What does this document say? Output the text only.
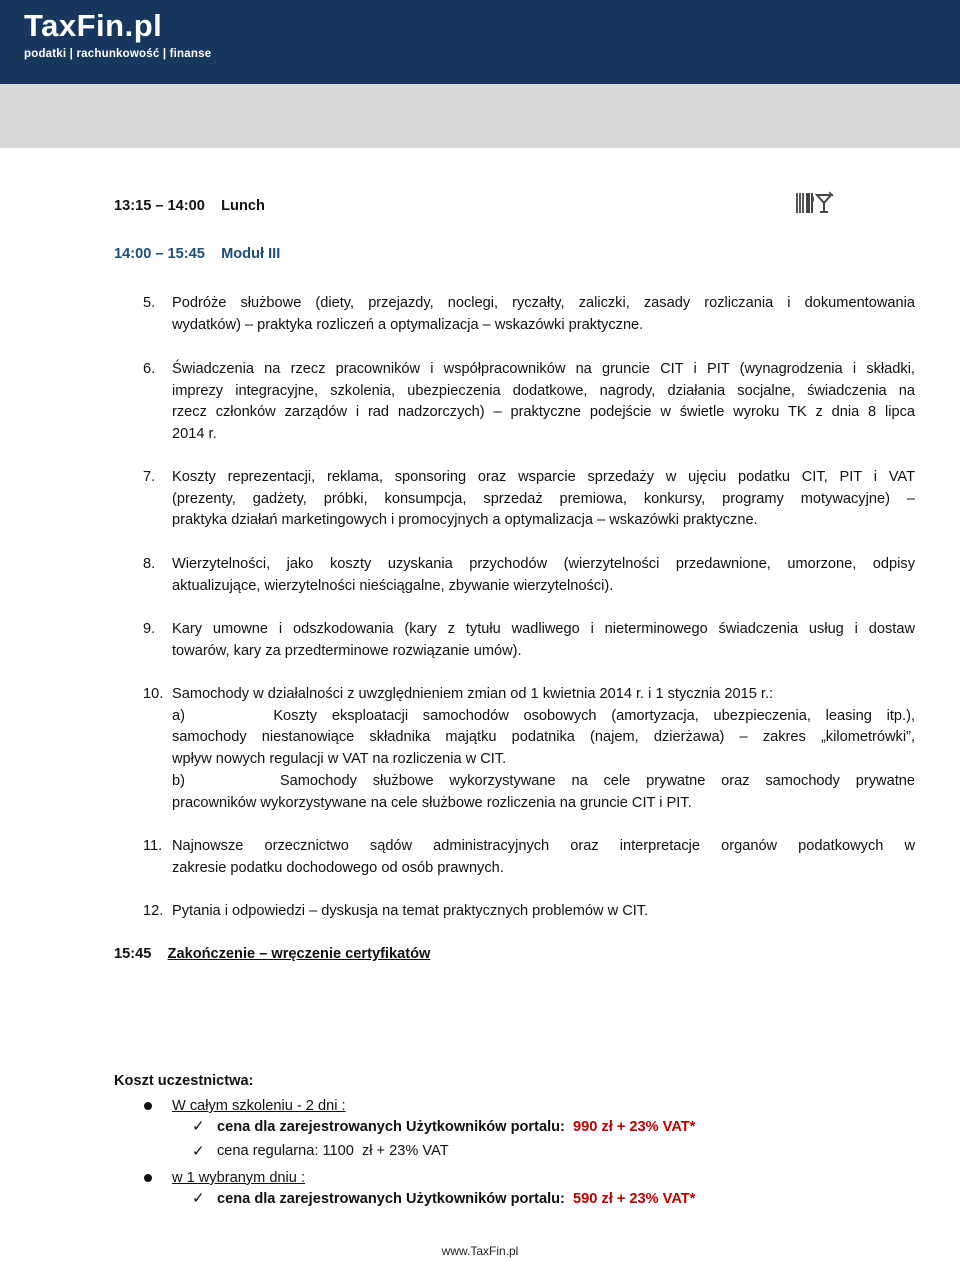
TaxFin.pl
podatki | rachunkowość | finanse
13:15 – 14:00 Lunch
14:00 – 15:45 Moduł III
5. Podróże służbowe (diety, przejazdy, noclegi, ryczałty, zaliczki, zasady rozliczania i dokumentowania
wydatków) – praktyka rozliczeń a optymalizacja – wskazówki praktyczne.
6. Świadczenia na rzecz pracowników i współpracowników na gruncie CIT i PIT (wynagrodzenia i składki,
imprezy integracyjne, szkolenia, ubezpieczenia dodatkowe, nagrody, działania socjalne, świadczenia na
rzecz członków zarządów i rad nadzorczych) – praktyczne podejście w świetle wyroku TK z dnia 8 lipca
2014 r.
7. Koszty reprezentacji, reklama, sponsoring oraz wsparcie sprzedaży w ujęciu podatku CIT, PIT i VAT
(prezenty, gadżety, próbki, konsumpcja, sprzedaż premiowa, konkursy, programy motywacyjne) –
praktyka działań marketingowych i promocyjnych a optymalizacja – wskazówki praktyczne.
8. Wierzytelności, jako koszty uzyskania przychodów (wierzytelności przedawnione, umorzone, odpisy
aktualizujące, wierzytelności nieściągalne, zbywanie wierzytelności).
9. Kary umowne i odszkodowania (kary z tytułu wadliwego i nieterminowego świadczenia usług i dostaw
towarów, kary za przedterminowe rozwiązanie umów).
10. Samochody w działalności z uwzględnieniem zmian od 1 kwietnia 2014 r. i 1 stycznia 2015 r.:
a)      Koszty eksploatacji samochodów osobowych (amortyzacja, ubezpieczenia, leasing itp.),
samochody niestanowiące składnika majątku podatnika (najem, dzierżawa) – zakres „kilometrówki”,
wpływ nowych regulacji w VAT na rozliczenia w CIT.
b)      Samochody służbowe wykorzystywane na cele prywatne oraz samochody prywatne
pracowników wykorzystywane na cele służbowe rozliczenia na gruncie CIT i PIT.
11. Najnowsze orzecznictwo sądów administracyjnych oraz interpretacje organów podatkowych w
zakresie podatku dochodowego od osób prawnych.
12. Pytania i odpowiedzi – dyskusja na temat praktycznych problemów w CIT.
15:45 Zakończenie – wręczenie certyfikatów
Koszt uczestnictwa:
W całym szkoleniu - 2 dni :
✓ cena dla zarejestrowanych Użytkowników portalu: 990 zł + 23% VAT*
✓ cena regularna: 1100  zł + 23% VAT
w 1 wybranym dniu :
✓ cena dla zarejestrowanych Użytkowników portalu: 590 zł + 23% VAT*
www.TaxFin.pl
